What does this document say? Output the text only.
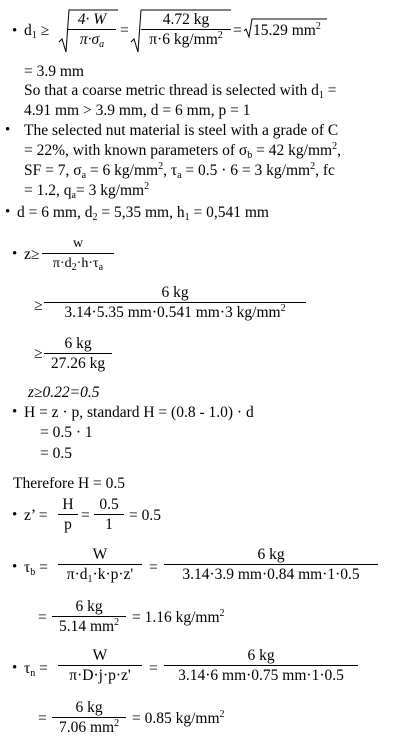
• $d_1 \ge \frac{4\cdot W}{\pi\cdot\sigma_a} = \frac{4.72 kg}{\pi\cdot 6 kg/mm^2} = 15.29$ $mm^2$
= 3.9 mm
So that a coarse metric thread is selected with $d_1$ =
4.91 mm > 3.9 mm, d = 6 mm, p = 1
• The selected nut material is steel with a grade of C
= 22%, with known parameters of $\sigma_b = 42$ $kg/mm^2$,
SF = 7, $\sigma_a = 6$ $kg/mm^2$, $\tau_a = 0.5 \cdot 6 = 3$ $kg/mm^2$, fc
= 1.2, $q_a= 3$ $kg/mm^2$
• d = 6 mm, $d_2 = 5,35$ mm, $h_1 = 0,541$ mm
• $z\ge \frac{w}{\pi\cdot d_2\cdot h\cdot\tau_a}$
≥ $\frac{6 kg}{3.14\cdot 5.35 mm\cdot 0.541 mm\cdot 3 kg/mm^2}$
≥ $\frac{6 kg}{27.26 kg}$
z≥0.22=0.5
• H = z · p, standard H = (0.8 - 1.0) · d
= 0.5 · 1
= 0.5
Therefore H = 0.5
• z’ = $\frac{H}{p} = \frac{0.5}{1} = 0.5$
• $\tau_b = \frac{W}{\pi\cdot d_1\cdot k\cdot p\cdot z'} = \frac{6 kg}{3.14\cdot 3.9 mm\cdot 0.84 mm\cdot 1\cdot 0.5}$
= $\frac{6 kg}{5.14 mm^2} = 1.16$ $kg/mm^2$
• $\tau_n = \frac{W}{\pi\cdot D\cdot j\cdot p\cdot z'} = \frac{6 kg}{3.14\cdot 6 mm\cdot 0.75 mm\cdot 1\cdot 0.5}$
= $\frac{6 kg}{7.06 mm^2} = 0.85$ $kg/mm^2$
